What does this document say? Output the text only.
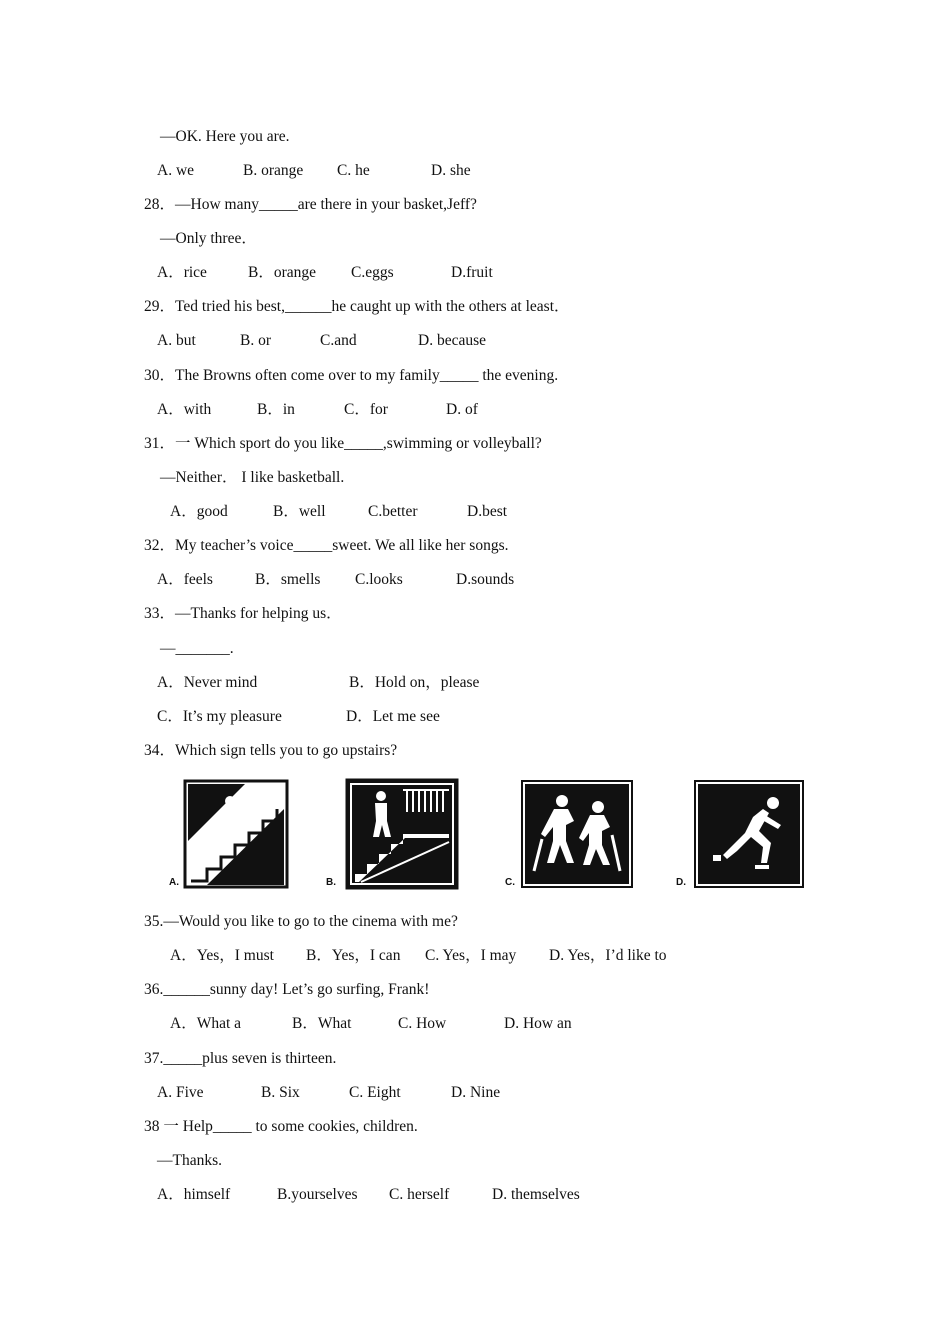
—OK. Here you are.
A. we	B. orange C. he	D. she
28．—How many_____are there in your basket,Jeff?
—Only three．
A．rice	B．orange C.eggs	D.fruit
29．Ted tried his best,______he caught up with the others at least．
A. but	B. or	C.and	D. because
30．The Browns often come over to my family_____ the evening.
A．with	B．in	C．for	D. of
31．一 Which sport do you like_____,swimming or volleyball?
—Neither． I like basketball.
A．good	B．well	C.better	D.best
32．My teacher’s voice_____sweet. We all like her songs.
A．feels	B．smells C.looks	D.sounds
33．—Thanks for helping us．
—_______.
A．Never mind	B．Hold on，please
C．It’s my pleasure	D．Let me see
34．Which sign tells you to go upstairs?
A.	B.	C.	D.
35.—Would you like to go to the cinema with me?
A．Yes，I must B．Yes，I can C. Yes，I may D. Yes，I’d like to
36.______sunny day! Let’s go surfing, Frank!
A．What a	B．What	C. How	D. How an
37._____plus seven is thirteen.
A. Five	B. Six	C. Eight	D. Nine
38 一 Help_____ to some cookies, children.
—Thanks.
A．himself	B.yourselves C. herself	D. themselves
